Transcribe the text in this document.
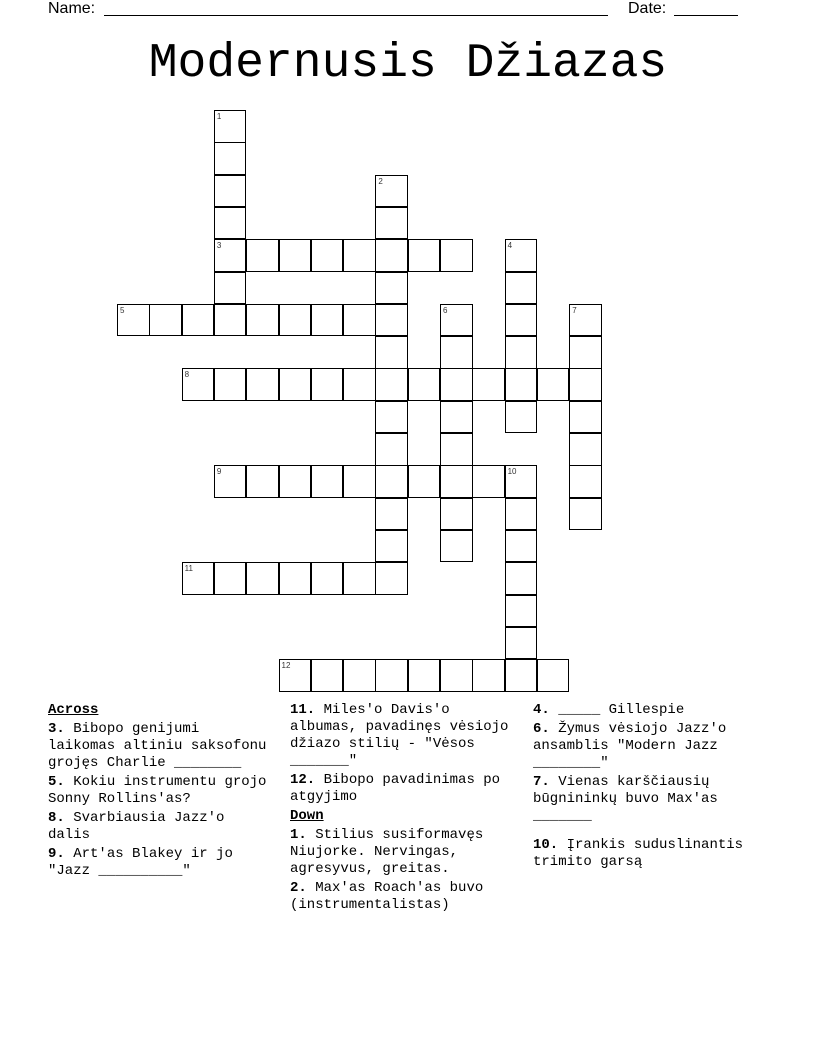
Name:	Date:
Modernusis Džiazas
1
2
3	4
5	6	7
8
9	10
11
12

Across

3. Bibopo genijumi laikomas altiniu saksofonu grojęs Charlie ________

5. Kokiu instrumentu grojo Sonny Rollins'as?

8. Svarbiausia Jazz'o dalis

9. Art'as Blakey ir jo "Jazz __________"

11. Miles'o Davis'o albumas, pavadinęs vėsiojo džiazo stilių - "Vėsos _______"

12. Bibopo pavadinimas po atgyjimo

Down

1. Stilius susiformavęs Niujorke. Nervingas, agresyvus, greitas.

2. Max'as Roach'as buvo (instrumentalistas)

4. _____ Gillespie

6. Žymus vėsiojo Jazz'o ansamblis "Modern Jazz ________"

7. Vienas karščiausių būgnininkų buvo Max'as _______

10. Įrankis suduslinantis trimito garsą
